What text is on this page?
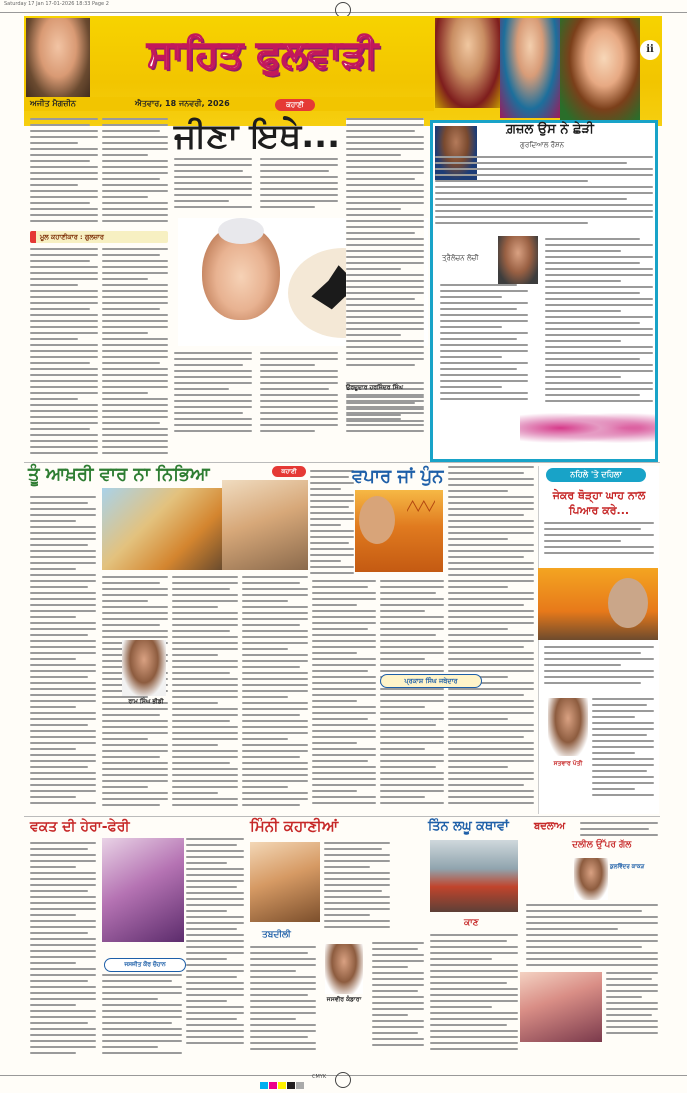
Saturday 17 Jan 17-01-2026 18:33 Page 2
ii
ਸਾਹਿਤ ਫੁਲਵਾੜੀ
ਅਜੀਤ ਮੈਗਜ਼ੀਨ	ਐਤਵਾਰ, 18 ਜਨਵਰੀ, 2026	ਕਹਾਣੀ
ਜੀਣਾ ਇਥੇ...
ਮੂਲ ਕਹਾਣੀਕਾਰ : ਗੁਲਜ਼ਾਰ
ਉਰਦੂਦਾਰ ਹਰਜਿੰਦਰ ਸਿੰਘ
ਗ਼ਜ਼ਲ ਉਸ ਨੇ ਛੇੜੀ
ਗੁਰਦਿਆਲ ਰੌਸ਼ਨ
ਤ੍ਰੈਲੋਚਨ ਲੋਚੀ
ਤੂੰ ਆਖ਼ਰੀ ਵਾਰ ਨਾ ਨਿਭਿਆ
ਰਾਮ ਸਿੰਘ ਭੀਡੀ
ਕਹਾਣੀ	ਵਪਾਰ ਜਾਂ ਪੁੰਨ
ਪ੍ਰਕਾਸ਼ ਸਿੰਘ ਜਥੇਦਾਰ
ਨਹਿਲੇ 'ਤੇ ਦਹਿਲਾ
ਜੇਕਰ ਥੋੜ੍ਹਾ ਘਾਹ ਨਾਲ ਪਿਆਰ ਕਰੇ...
ਸਤਵਾਰ ਪੱਤੀ
ਵਕਤ ਦੀ ਹੇਰਾ-ਫੇਰੀ
ਜਸਜੀਤ ਕੌਰ ਚੌਹਾਨ
ਮਿੰਨੀ ਕਹਾਣੀਆਂ
ਤਬਦੀਲੀ
ਜਸਵੀਰ ਕੰਡਾਰਾ
ਤਿੰਨ ਲਘੂ ਕਥਾਵਾਂ	ਬਦਲਾਅ
ਕਾਣ
ਦਲੀਲ ਉੱਪਰ ਗੱਲ
ਕੁਲਵਿੰਦਰ ਕਾਕੜ
CMYK
